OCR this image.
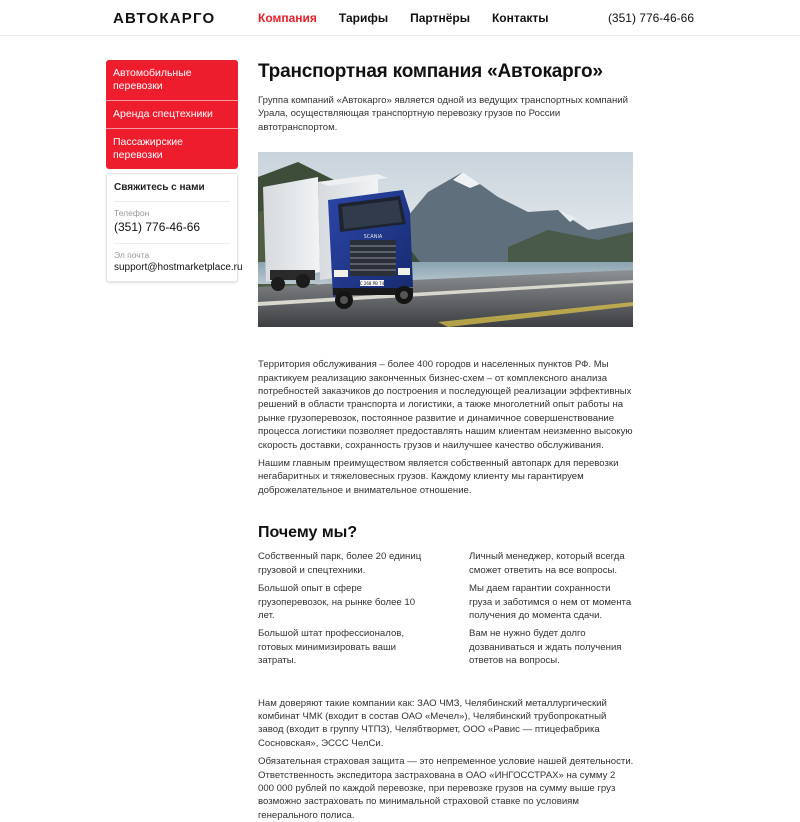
АВТОКАРГО	Компания Тарифы Партнёры Контакты	(351) 776-46-66
Автомобильные перевозки
Аренда спецтехники
Пассажирские перевозки
Свяжитесь с нами
Телефон
(351) 776-46-66
Эл почта
support@hostmarketplace.ru
Транспортная компания «Автокарго»

Группа компаний «Автокарго» является одной из ведущих транспортных компаний Урала, осуществляющая транспортную перевозку грузов по России автотранспортом.

SCANIA
С 268 РВ 74

Территория обслуживания – более 400 городов и населенных пунктов РФ. Мы практикуем реализацию законченных бизнес-схем – от комплексного анализа потребностей заказчиков до построения и последующей реализации эффективных решений в области транспорта и логистики, а также многолетний опыт работы на рынке грузоперевозок, постоянное развитие и динамичное совершенствование процесса логистики позволяет предоставлять нашим клиентам неизменно высокую скорость доставки, сохранность грузов и наилучшее качество обслуживания.

Нашим главным преимуществом является собственный автопарк для перевозки негабаритных и тяжеловесных грузов. Каждому клиенту мы гарантируем доброжелательное и внимательное отношение.

Почему мы?

Собственный парк, более 20 единиц грузовой и спецтехники.

Большой опыт в сфере грузоперевозок, на рынке более 10 лет.

Большой штат профессионалов, готовых минимизировать ваши затраты.

Личный менеджер, который всегда сможет ответить на все вопросы.

Мы даем гарантии сохранности груза и заботимся о нем от момента получения до момента сдачи.

Вам не нужно будет долго дозваниваться и ждать получения ответов на вопросы.

Нам доверяют такие компании как: ЗАО ЧМЗ, Челябинский металлургический комбинат ЧМК (входит в состав ОАО «Мечел»), Челябинский трубопрокатный завод (входит в группу ЧТПЗ), Челябтвормет, ООО «Равис — птицефабрика Сосновская», ЭССС ЧелСи.

Обязательная страховая защита — это непременное условие нашей деятельности. Ответственность экспедитора застрахована в ОАО «ИНГОССТРАХ» на сумму 2 000 000 рублей по каждой перевозке, при перевозке грузов на сумму выше груз возможно застраховать по минимальной страховой ставке по условиям генерального полиса.
